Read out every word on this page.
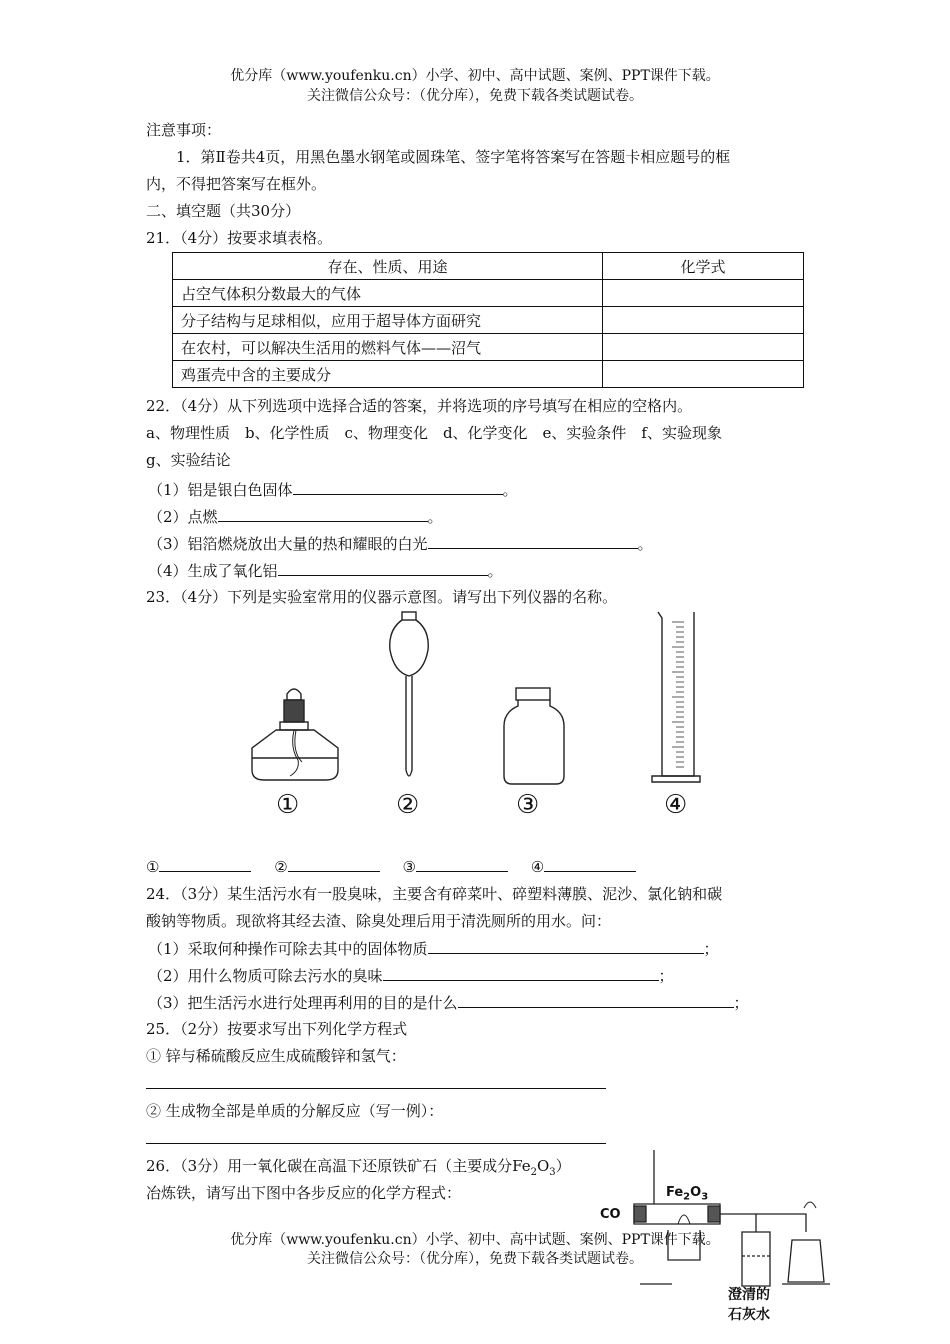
优分库（www.youfenku.cn）小学、初中、高中试题、案例、PPT课件下载。
关注微信公众号：（优分库），免费下载各类试题试卷。
注意事项：
1．第Ⅱ卷共4页，用黑色墨水钢笔或圆珠笔、签字笔将答案写在答题卡相应题号的框
内，不得把答案写在框外。
二、填空题（共30分）
21．（4分）按要求填表格。
存在、性质、用途	化学式
占空气体积分数最大的气体	
分子结构与足球相似，应用于超导体方面研究	
在农村，可以解决生活用的燃料气体——沼气	
鸡蛋壳中含的主要成分	
22．（4分）从下列选项中选择合适的答案，并将选项的序号填写在相应的空格内。
a、物理性质　b、化学性质　c、物理变化　d、化学变化　e、实验条件　f、实验现象
g、实验结论
（1）铝是银白色固体	。
（2）点燃	。
（3）铝箔燃烧放出大量的热和耀眼的白光	。
（4）生成了氧化铝	。
23．（4分）下列是实验室常用的仪器示意图。请写出下列仪器的名称。
①	②	③	④
①	②	③	④
24．（3分）某生活污水有一股臭味，主要含有碎菜叶、碎塑料薄膜、泥沙、氯化钠和碳
酸钠等物质。现欲将其经去渣、除臭处理后用于清洗厕所的用水。问：
（1）采取何种操作可除去其中的固体物质	；
（2）用什么物质可除去污水的臭味	；
（3）把生活污水进行处理再利用的目的是什么	；
25．（2分）按要求写出下列化学方程式
① 锌与稀硫酸反应生成硫酸锌和氢气：
② 生成物全部是单质的分解反应（写一例）：
26．（3分）用一氧化碳在高温下还原铁矿石（主要成分$Fe_2O_3$）
冶炼铁，请写出下图中各步反应的化学方程式：
CO
$Fe_2O_3$
澄清的
石灰水
优分库（www.youfenku.cn）小学、初中、高中试题、案例、PPT课件下载。
关注微信公众号：（优分库），免费下载各类试题试卷。
